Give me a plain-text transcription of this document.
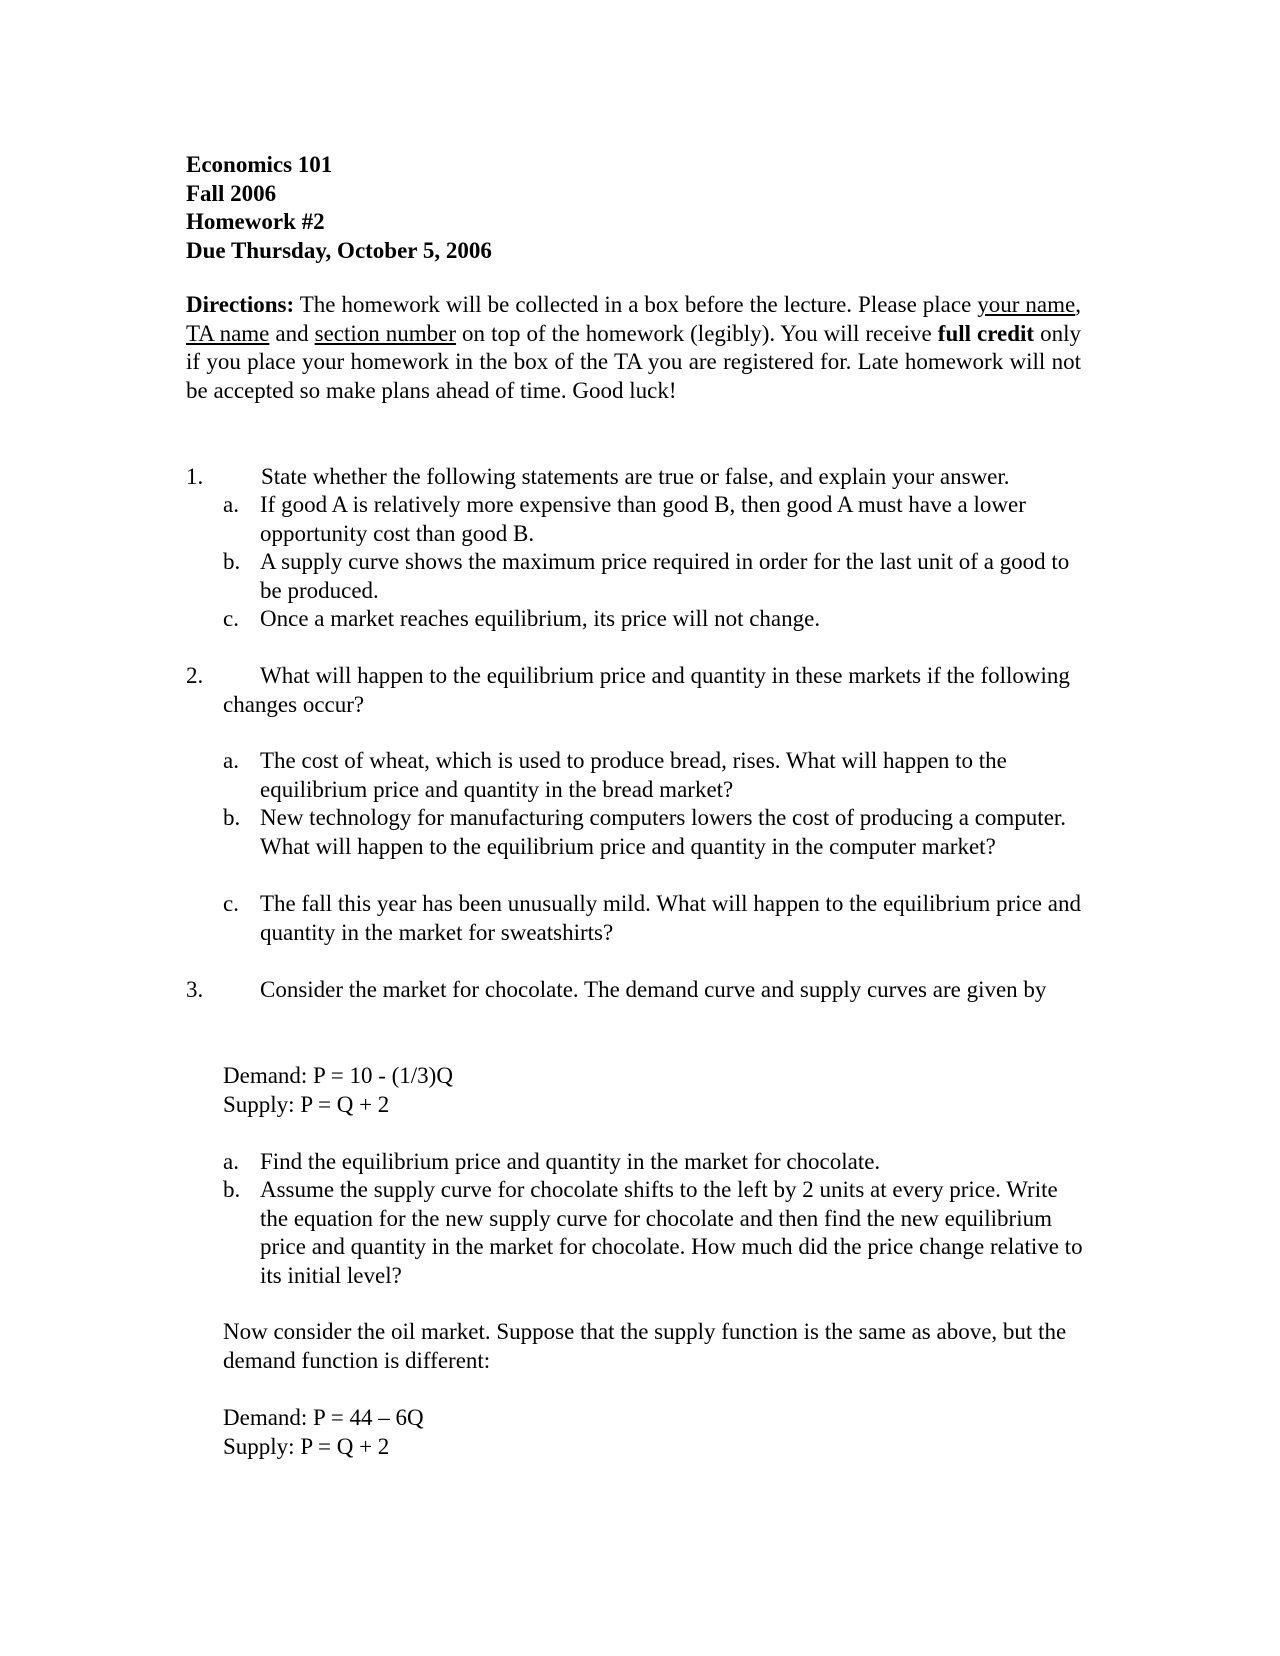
Economics 101
Fall 2006
Homework #2
Due Thursday, October 5, 2006

Directions: The homework will be collected in a box before the lecture. Please place your name, TA name and section number on top of the homework (legibly). You will receive full credit only if you place your homework in the box of the TA you are registered for. Late homework will not be accepted so make plans ahead of time. Good luck!

1.	State whether the following statements are true or false, and explain your answer.
a. If good A is relatively more expensive than good B, then good A must have a lower opportunity cost than good B.
b. A supply curve shows the maximum price required in order for the last unit of a good to be produced.
c. Once a market reaches equilibrium, its price will not change.
2.	What will happen to the equilibrium price and quantity in these markets if the following changes occur?
a. The cost of wheat, which is used to produce bread, rises. What will happen to the equilibrium price and quantity in the bread market?
b. New technology for manufacturing computers lowers the cost of producing a computer. What will happen to the equilibrium price and quantity in the computer market?
c. The fall this year has been unusually mild. What will happen to the equilibrium price and quantity in the market for sweatshirts?
3.	Consider the market for chocolate. The demand curve and supply curves are given by
Demand: P = 10 - (1/3)Q
Supply: P = Q + 2
a. Find the equilibrium price and quantity in the market for chocolate.
b. Assume the supply curve for chocolate shifts to the left by 2 units at every price. Write the equation for the new supply curve for chocolate and then find the new equilibrium price and quantity in the market for chocolate. How much did the price change relative to its initial level?
Now consider the oil market. Suppose that the supply function is the same as above, but the demand function is different:
Demand: P = 44 – 6Q
Supply: P = Q + 2
